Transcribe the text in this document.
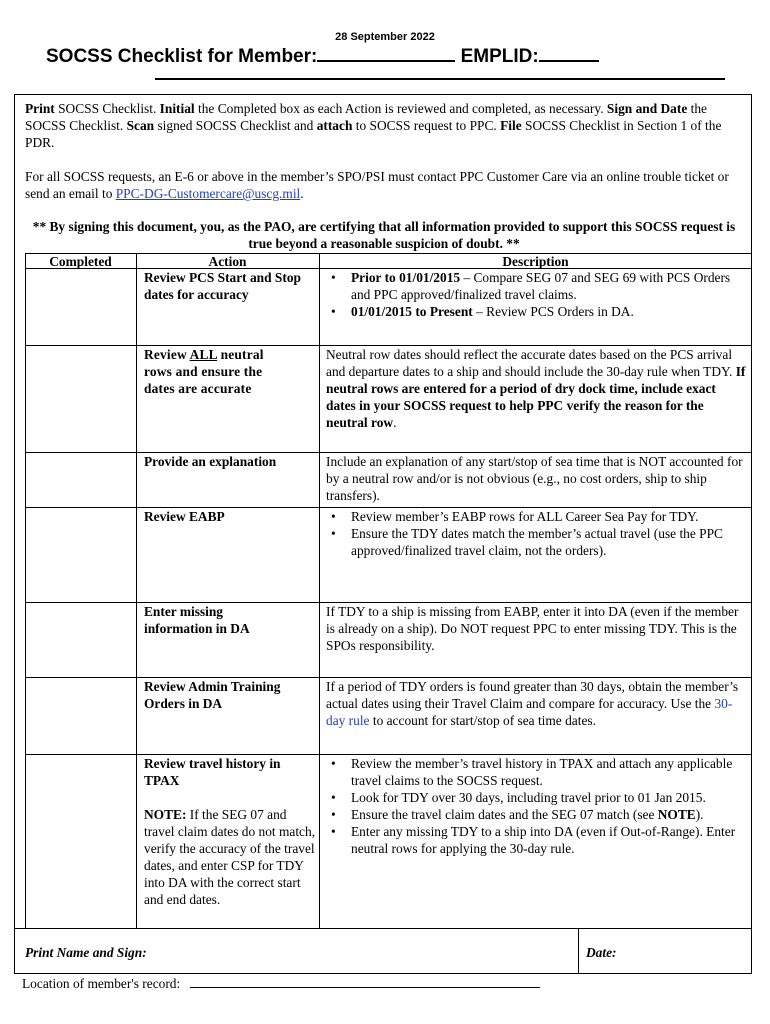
28 September 2022
SOCSS Checklist for Member:	EMPLID:
Print SOCSS Checklist. Initial the Completed box as each Action is reviewed and completed, as necessary. Sign and Date the SOCSS Checklist. Scan signed SOCSS Checklist and attach to SOCSS request to PPC. File SOCSS Checklist in Section 1 of the PDR.
For all SOCSS requests, an E-6 or above in the member’s SPO/PSI must contact PPC Customer Care via an online trouble ticket or send an email to PPC-DG-Customercare@uscg.mil.
** By signing this document, you, as the PAO, are certifying that all information provided to support this SOCSS request is true beyond a reasonable suspicion of doubt. **
Completed	Action	Description
Review PCS Start and Stop dates for accuracy
• Prior to 01/01/2015 – Compare SEG 07 and SEG 69 with PCS Orders and PPC approved/finalized travel claims.
• 01/01/2015 to Present – Review PCS Orders in DA.
Review ALL neutral rows and ensure the dates are accurate
Neutral row dates should reflect the accurate dates based on the PCS arrival and departure dates to a ship and should include the 30-day rule when TDY. If neutral rows are entered for a period of dry dock time, include exact dates in your SOCSS request to help PPC verify the reason for the neutral row.
Provide an explanation	Include an explanation of any start/stop of sea time that is NOT accounted for by a neutral row and/or is not obvious (e.g., no cost orders, ship to ship transfers).
Review EABP
•	Review member’s EABP rows for ALL Career Sea Pay for TDY.
• Ensure the TDY dates match the member’s actual travel (use the PPC approved/finalized travel claim, not the orders).
Enter missing information in DA
If TDY to a ship is missing from EABP, enter it into DA (even if the member is already on a ship). Do NOT request PPC to enter missing TDY. This is the SPOs responsibility.
Review Admin Training Orders in DA
If a period of TDY orders is found greater than 30 days, obtain the member’s actual dates using their Travel Claim and compare for accuracy. Use the 30-day rule to account for start/stop of sea time dates.
Review travel history in TPAX
NOTE: If the SEG 07 and travel claim dates do not match, verify the accuracy of the travel dates, and enter CSP for TDY into DA with the correct start and end dates.
• Review the member’s travel history in TPAX and attach any applicable travel claims to the SOCSS request.
• Look for TDY over 30 days, including travel prior to 01 Jan 2015.
• Ensure the travel claim dates and the SEG 07 match (see NOTE).
• Enter any missing TDY to a ship into DA (even if Out-of-Range). Enter neutral rows for applying the 30-day rule.
Print Name and Sign:	Date:
Location of member's record:
